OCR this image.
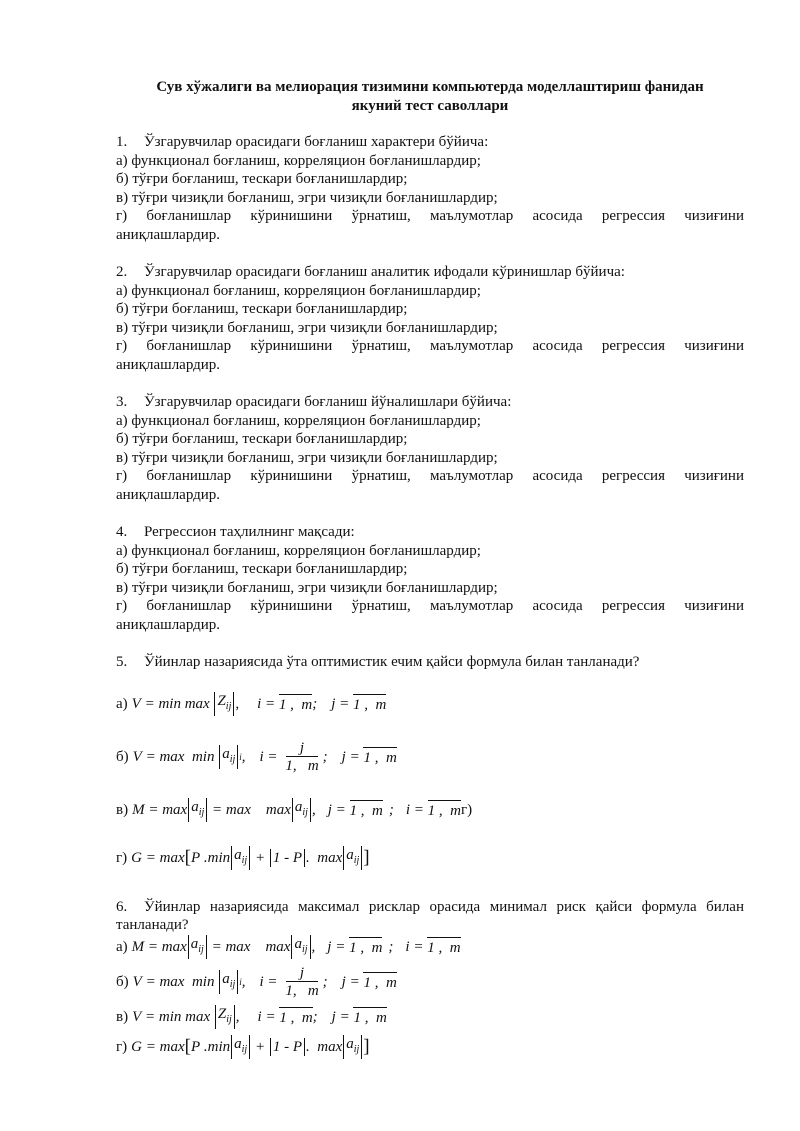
Сув хўжалиги ва мелиорация тизимини компьютерда моделлаштириш фанидан
якуний тест саволлари
1. Ўзгарувчилар орасидаги боғланиш характери бўйича:
а) функционал боғланиш, корреляцион боғланишлардир;
б) тўғри боғланиш, тескари боғланишлардир;
в) тўғри чизиқли боғланиш, эгри чизиқли боғланишлардир;
г) боғланишлар кўринишини ўрнатиш, маълумотлар асосида регрессия чизиғини
аниқлашлардир.
2. Ўзгарувчилар орасидаги боғланиш аналитик ифодали кўринишлар бўйича:
а) функционал боғланиш, корреляцион боғланишлардир;
б) тўғри боғланиш, тескари боғланишлардир;
в) тўғри чизиқли боғланиш, эгри чизиқли боғланишлардир;
г) боғланишлар кўринишини ўрнатиш, маълумотлар асосида регрессия чизиғини
аниқлашлардир.
3. Ўзгарувчилар орасидаги боғланиш йўналишлари бўйича:
а) функционал боғланиш, корреляцион боғланишлардир;
б) тўғри боғланиш, тескари боғланишлардир;
в) тўғри чизиқли боғланиш, эгри чизиқли боғланишлардир;
г) боғланишлар кўринишини ўрнатиш, маълумотлар асосида регрессия чизиғини
аниқлашлардир.
4. Регрессион таҳлилнинг мақсади:
а) функционал боғланиш, корреляцион боғланишлардир;
б) тўғри боғланиш, тескари боғланишлардир;
в) тўғри чизиқли боғланиш, эгри чизиқли боғланишлардир;
г) боғланишлар кўринишини ўрнатиш, маълумотлар асосида регрессия чизиғини
аниқлашлардир.
5. Ўйинлар назариясида ўта оптимистик ечим қайси формула билан танланади?
а) V = min
max
$Z_{ij}$ , i = 1 ,  m ; j = 1 ,  m
б) V = max
min
$a_{ij}$ i , $i = \frac{j}{1, m}$ ; j = 1 ,  m
в) $M = \max a_{ij} = \max$
$\max a_{ij}$ , j = 1 ,  m ; i = 1 ,  m г)
г) G = max [ P
. $\min a_{ij} + 1 - P$ .
$\max a_{ij}$ ]
6. Ўйинлар назариясида максимал рисклар орасида минимал риск қайси формула билан
танланади?
а) $M = \max a_{ij} = \max$
$\max a_{ij}$ , j = 1 ,  m ; i = 1 ,  m
б) V = max
min
$a_{ij}$ i , $i = \frac{j}{1, m}$ ; j = 1 ,  m
в) V = min
max
$Z_{ij}$ , i = 1 ,  m ; j = 1 ,  m
г) G = max [ P
. $\min a_{ij} + 1 - P$ .
$\max a_{ij}$ ]
